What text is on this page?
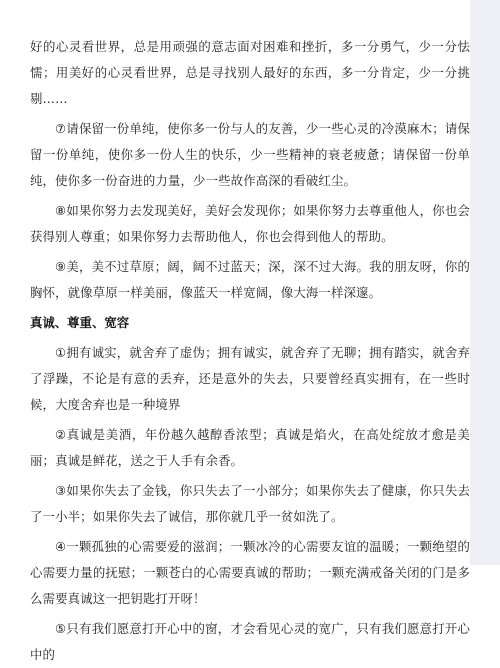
好的心灵看世界，总是用顽强的意志面对困难和挫折，多一分勇气，少一分怯懦；用美好的心灵看世界，总是寻找别人最好的东西，多一分肯定，少一分挑剔……

⑦请保留一份单纯，使你多一份与人的友善，少一些心灵的冷漠麻木；请保留一份单纯，使你多一份人生的快乐，少一些精神的衰老疲惫；请保留一份单纯，使你多一份奋进的力量，少一些故作高深的看破红尘。

⑧如果你努力去发现美好，美好会发现你；如果你努力去尊重他人，你也会获得别人尊重；如果你努力去帮助他人，你也会得到他人的帮助。

⑨美，美不过草原；阔，阔不过蓝天；深，深不过大海。我的朋友呀，你的胸怀，就像草原一样美丽，像蓝天一样宽阔，像大海一样深邃。

真诚、尊重、宽容

①拥有诚实，就舍弃了虚伪；拥有诚实，就舍弃了无聊；拥有踏实，就舍弃了浮躁，不论是有意的丢弃，还是意外的失去，只要曾经真实拥有，在一些时候，大度舍弃也是一种境界

②真诚是美酒，年份越久越醇香浓型；真诚是焰火，在高处绽放才愈是美丽；真诚是鲜花，送之于人手有余香。

③如果你失去了金钱，你只失去了一小部分；如果你失去了健康，你只失去了一小半；如果你失去了诚信，那你就几乎一贫如洗了。

④一颗孤独的心需要爱的滋润；一颗冰冷的心需要友谊的温暖；一颗绝望的心需要力量的抚慰；一颗苍白的心需要真诚的帮助；一颗充满戒备关闭的门是多么需要真诚这一把钥匙打开呀！

⑤只有我们愿意打开心中的窗，才会看见心灵的宽广，只有我们愿意打开心中的
